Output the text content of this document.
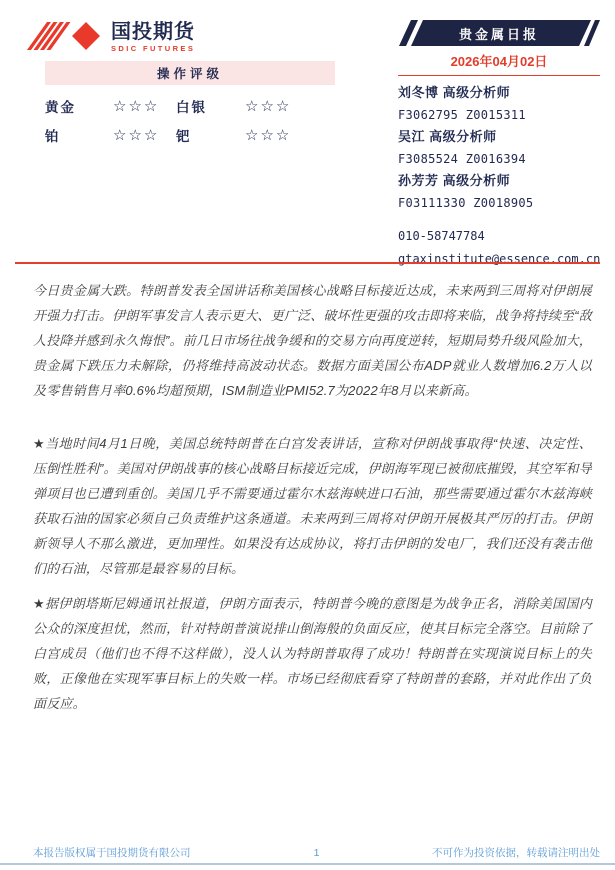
国投期货
SDIC FUTURES
贵金属日报
2026年04月02日
操作评级
黄金	☆☆☆	白银	☆☆☆
铂	☆☆☆	钯	☆☆☆
刘冬博 高级分析师
F3062795 Z0015311
吴江 高级分析师
F3085524 Z0016394
孙芳芳 高级分析师
F03111330 Z0018905
010-58747784
gtaxinstitute@essence.com.cn

今日贵金属大跌。特朗普发表全国讲话称美国核心战略目标接近达成，未来两到三周将对伊朗展开强力打击。伊朗军事发言人表示更大、更广泛、破坏性更强的攻击即将来临，战争将持续至“敌人投降并感到永久悔恨”。前几日市场往战争缓和的交易方向再度逆转，短期局势升级风险加大，贵金属下跌压力未解除，仍将维持高波动状态。数据方面美国公布ADP就业人数增加6.2万人以及零售销售月率0.6%均超预期，ISM制造业PMI52.7为2022年8月以来新高。

★当地时间4月1日晚，美国总统特朗普在白宫发表讲话，宣称对伊朗战事取得“快速、决定性、压倒性胜利”。美国对伊朗战事的核心战略目标接近完成，伊朗海军现已被彻底摧毁，其空军和导弹项目也已遭到重创。美国几乎不需要通过霍尔木兹海峡进口石油，那些需要通过霍尔木兹海峡获取石油的国家必须自己负责维护这条通道。未来两到三周将对伊朗开展极其严厉的打击。伊朗新领导人不那么激进，更加理性。如果没有达成协议，将打击伊朗的发电厂，我们还没有袭击他们的石油，尽管那是最容易的目标。

★据伊朗塔斯尼姆通讯社报道，伊朗方面表示，特朗普今晚的意图是为战争正名，消除美国国内公众的深度担忧，然而，针对特朗普演说排山倒海般的负面反应，使其目标完全落空。目前除了白宫成员（他们也不得不这样做），没人认为特朗普取得了成功！特朗普在实现演说目标上的失败，正像他在实现军事目标上的失败一样。市场已经彻底看穿了特朗普的套路，并对此作出了负面反应。

本报告版权属于国投期货有限公司	1	不可作为投资依据，转载请注明出处
